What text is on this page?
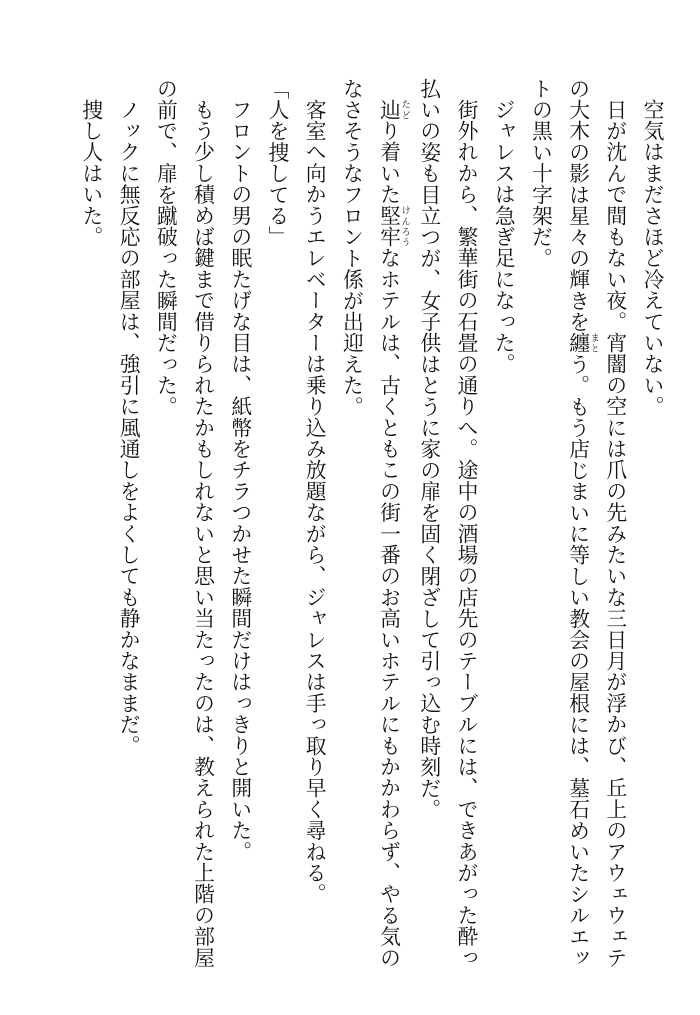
空気はまださほど冷えていない。

日が沈んで間もない夜。宵闇の空には爪の先みたいな三日月が浮かび、丘上のアウェウェテの大木の影は星々の輝きを纏 まとう。もう店じまいに等しい教会の屋根には、墓石めいたシルエットの黒い十字架だ。

ジャレスは急ぎ足になった。

街外れから、繁華街の石畳の通りへ。途中の酒場の店先のテーブルには、できあがった酔っ払いの姿も目立つが、女子供はとうに家の扉を固く閉ざして引っ込む時刻だ。

辿 たどり着いた堅牢 けんろうなホテルは、古くともこの街一番のお高いホテルにもかかわらず、やる気のなさそうなフロント係が出迎えた。

客室へ向かうエレベーターは乗り込み放題ながら、ジャレスは手っ取り早く尋ねる。

「人を捜してる」

フロントの男の眠たげな目は、紙幣をチラつかせた瞬間だけはっきりと開いた。

もう少し積めば鍵まで借りられたかもしれないと思い当たったのは、教えられた上階の部屋の前で、扉を蹴破った瞬間だった。

ノックに無反応の部屋は、強引に風通しをよくしても静かなままだ。

捜し人はいた。
